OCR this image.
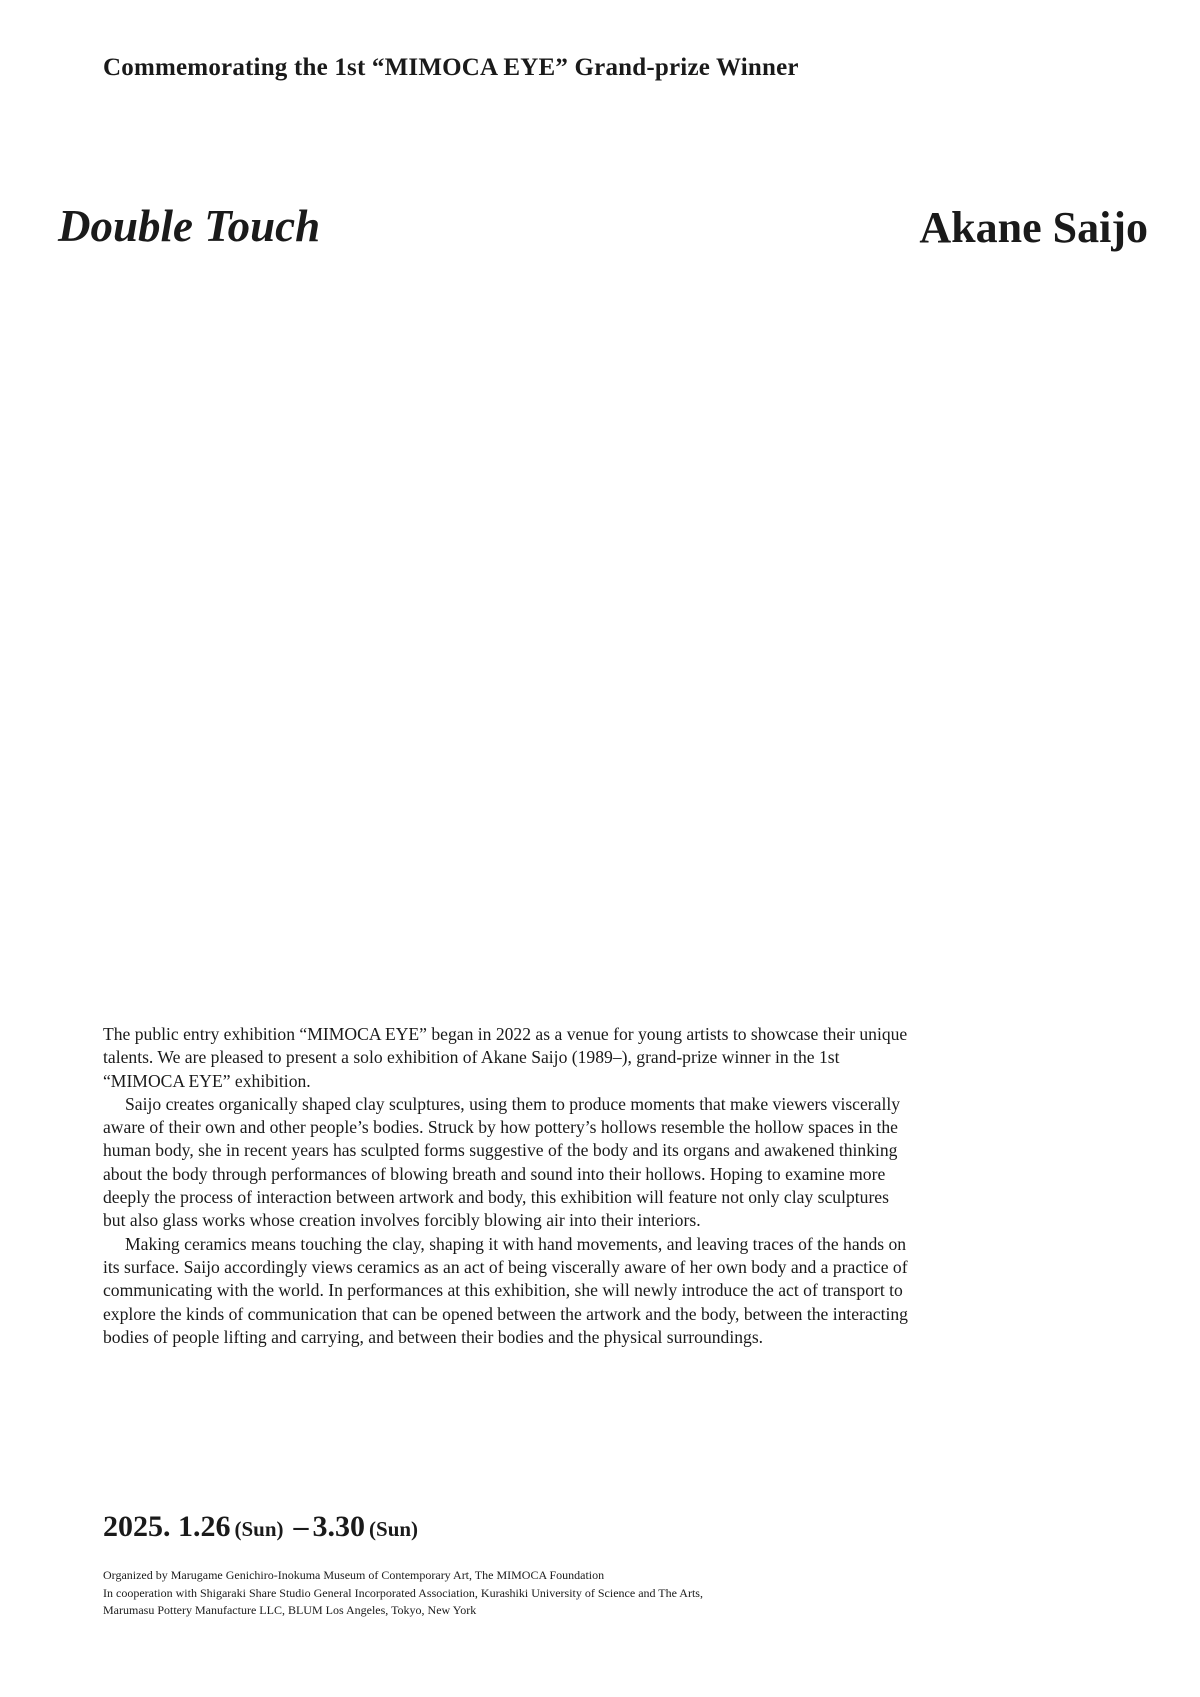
Commemorating the 1st “MIMOCA EYE” Grand-prize Winner
Double Touch	Akane Saijo

The public entry exhibition “MIMOCA EYE” began in 2022 as a venue for young artists to showcase their unique talents. We are pleased to present a solo exhibition of Akane Saijo (1989–), grand-prize winner in the 1st “MIMOCA EYE” exhibition.

Saijo creates organically shaped clay sculptures, using them to produce moments that make viewers viscerally aware of their own and other people’s bodies. Struck by how pottery’s hollows resemble the hollow spaces in the human body, she in recent years has sculpted forms suggestive of the body and its organs and awakened thinking about the body through performances of blowing breath and sound into their hollows. Hoping to examine more deeply the process of interaction between artwork and body, this exhibition will feature not only clay sculptures but also glass works whose creation involves forcibly blowing air into their interiors.

Making ceramics means touching the clay, shaping it with hand movements, and leaving traces of the hands on its surface. Saijo accordingly views ceramics as an act of being viscerally aware of her own body and a practice of communicating with the world. In performances at this exhibition, she will newly introduce the act of transport to explore the kinds of communication that can be opened between the artwork and the body, between the interacting bodies of people lifting and carrying, and between their bodies and the physical surroundings.

2025. 1.26 (Sun) – 3.30 (Sun)
Organized by Marugame Genichiro-Inokuma Museum of Contemporary Art, The MIMOCA Foundation
In cooperation with Shigaraki Share Studio General Incorporated Association, Kurashiki University of Science and The Arts,
Marumasu Pottery Manufacture LLC, BLUM Los Angeles, Tokyo, New York
